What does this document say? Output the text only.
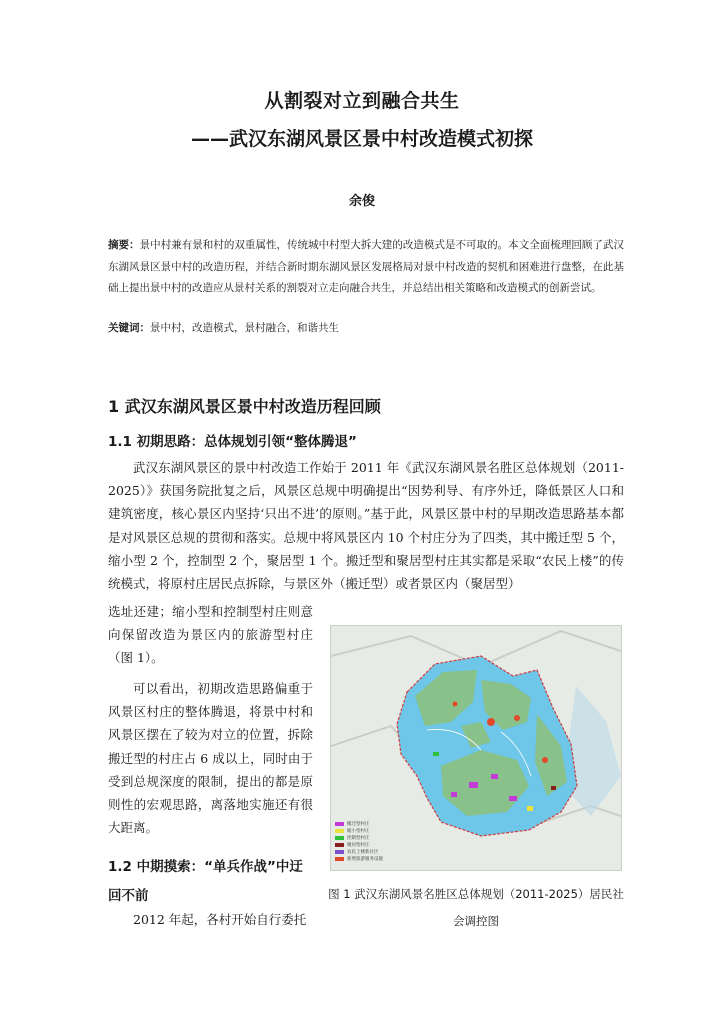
从割裂对立到融合共生
——武汉东湖风景区景中村改造模式初探
余俊
摘要：景中村兼有景和村的双重属性，传统城中村型大拆大建的改造模式是不可取的。本文全面梳理回顾了武汉东湖风景区景中村的改造历程，并结合新时期东湖风景区发展格局对景中村改造的契机和困难进行盘整，在此基础上提出景中村的改造应从景村关系的割裂对立走向融合共生，并总结出相关策略和改造模式的创新尝试。
关键词：景中村，改造模式，景村融合，和谐共生
1 武汉东湖风景区景中村改造历程回顾
1.1 初期思路：总体规划引领“整体腾退”
武汉东湖风景区的景中村改造工作始于 2011 年《武汉东湖风景名胜区总体规划（2011-2025）》获国务院批复之后，风景区总规中明确提出“因势利导、有序外迁，降低景区人口和建筑密度，核心景区内坚持‘只出不进’的原则。”基于此，风景区景中村的早期改造思路基本都是对风景区总规的贯彻和落实。总规中将风景区内 10 个村庄分为了四类，其中搬迁型 5 个，缩小型 2 个，控制型 2 个，聚居型 1 个。搬迁型和聚居型村庄其实都是采取“农民上楼”的传统模式，将原村庄居民点拆除，与景区外（搬迁型）或者景区内（聚居型）
选址还建；缩小型和控制型村庄则意向保留改造为景区内的旅游型村庄（图 1）。
可以看出，初期改造思路偏重于风景区村庄的整体腾退，将景中村和风景区摆在了较为对立的位置，拆除搬迁型的村庄占 6 成以上，同时由于受到总规深度的限制，提出的都是原则性的宏观思路，离落地实施还有很大距离。
1.2 中期摸索：“单兵作战”中迂回不前
2012 年起，各村开始自行委托
搬迁型村庄
缩小型村庄
控制型村庄
聚居型村庄
农民上楼新社区
新增旅游服务设施
图 1 武汉东湖风景名胜区总体规划（2011-2025）居民社会调控图
